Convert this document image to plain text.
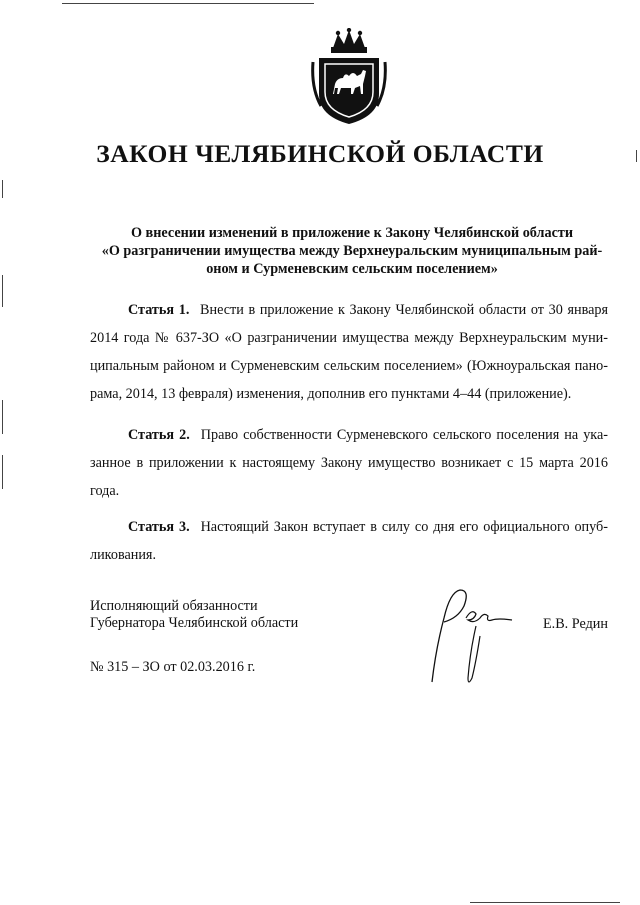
ЗАКОН ЧЕЛЯБИНСКОЙ ОБЛАСТИ
О внесении изменений в приложение к Закону Челябинской области
«О разграничении имущества между Верхнеуральским муниципальным рай-
оном и Сурменевским сельским поселением»
Статья 1. Внести в приложение к Закону Челябинской области от 30 января 2014 года № 637-ЗО «О разграничении имущества между Верхнеуральским муни-ципальным районом и Сурменевским сельским поселением» (Южноуральская пано-рама, 2014, 13 февраля) изменения, дополнив его пунктами 4–44 (приложение).
Статья 2. Право собственности Сурменевского сельского поселения на ука-занное в приложении к настоящему Закону имущество возникает с 15 марта 2016 года.
Статья 3. Настоящий Закон вступает в силу со дня его официального опуб-ликования.
Исполняющий обязанности
Губернатора Челябинской области	Е.В. Редин
№ 315 – ЗО от 02.03.2016 г.
